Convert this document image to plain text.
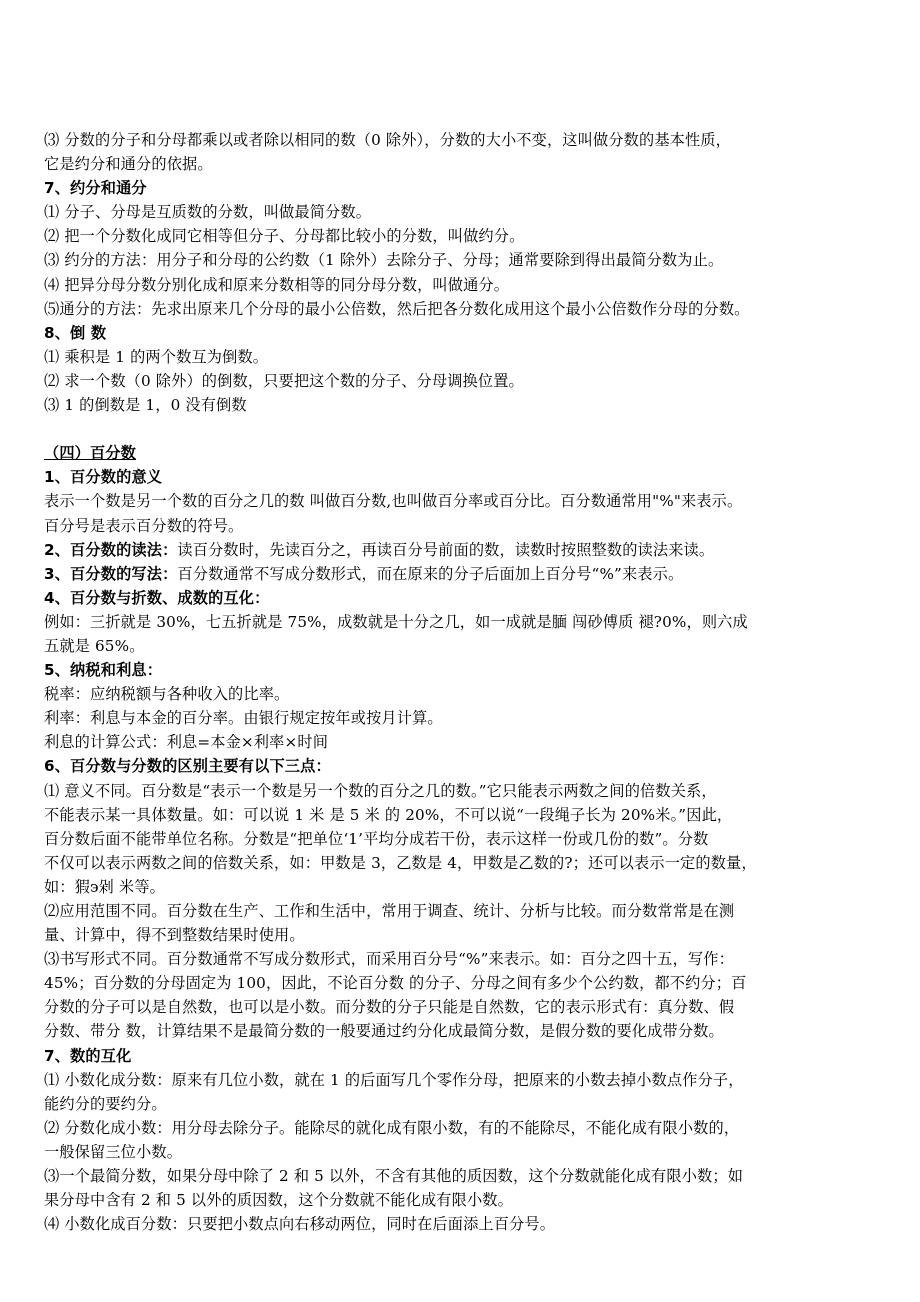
⑶ 分数的分子和分母都乘以或者除以相同的数（0 除外），分数的大小不变，这叫做分数的基本性质，
它是约分和通分的依据。
7、约分和通分
⑴ 分子、分母是互质数的分数，叫做最简分数。
⑵ 把一个分数化成同它相等但分子、分母都比较小的分数，叫做约分。
⑶ 约分的方法：用分子和分母的公约数（1 除外）去除分子、分母；通常要除到得出最简分数为止。
⑷ 把异分母分数分别化成和原来分数相等的同分母分数，叫做通分。
⑸通分的方法：先求出原来几个分母的最小公倍数，然后把各分数化成用这个最小公倍数作分母的分数。
8、倒 数
⑴ 乘积是 1 的两个数互为倒数。
⑵ 求一个数（0 除外）的倒数，只要把这个数的分子、分母调换位置。
⑶ 1 的倒数是 1，0 没有倒数
（四）百分数
1、百分数的意义
表示一个数是另一个数的百分之几的数 叫做百分数,也叫做百分率或百分比。百分数通常用"%"来表示。
百分号是表示百分数的符号。
2、百分数的读法：读百分数时，先读百分之，再读百分号前面的数，读数时按照整数的读法来读。
3、百分数的写法：百分数通常不写成分数形式，而在原来的分子后面加上百分号“%”来表示。
4、百分数与折数、成数的互化：
例如：三折就是 30%，七五折就是 75%，成数就是十分之几，如一成就是腼 闯砂傅质 褪?0%，则六成
五就是 65%。
5、纳税和利息：
税率：应纳税额与各种收入的比率。
利率：利息与本金的百分率。由银行规定按年或按月计算。
利息的计算公式：利息=本金×利率×时间
6、百分数与分数的区别主要有以下三点：
⑴ 意义不同。百分数是“表示一个数是另一个数的百分之几的数。”它只能表示两数之间的倍数关系，
不能表示某一具体数量。如：可以说 1 米 是 5 米 的 20%，不可以说“一段绳子长为 20%米。”因此，
百分数后面不能带单位名称。分数是“把单位‘1’平均分成若干份，表示这样一份或几份的数”。分数
不仅可以表示两数之间的倍数关系，如：甲数是 3，乙数是 4，甲数是乙数的?；还可以表示一定的数量，
如：猳϶剁 米等。
⑵应用范围不同。百分数在生产、工作和生活中，常用于调查、统计、分析与比较。而分数常常是在测
量、计算中，得不到整数结果时使用。
⑶书写形式不同。百分数通常不写成分数形式，而采用百分号“%”来表示。如：百分之四十五，写作：
45%；百分数的分母固定为 100，因此，不论百分数 的分子、分母之间有多少个公约数，都不约分；百
分数的分子可以是自然数，也可以是小数。而分数的分子只能是自然数，它的表示形式有：真分数、假
分数、带分 数，计算结果不是最简分数的一般要通过约分化成最简分数，是假分数的要化成带分数。
7、数的互化
⑴ 小数化成分数：原来有几位小数，就在 1 的后面写几个零作分母，把原来的小数去掉小数点作分子，
能约分的要约分。
⑵ 分数化成小数：用分母去除分子。能除尽的就化成有限小数，有的不能除尽，不能化成有限小数的，
一般保留三位小数。
⑶一个最简分数，如果分母中除了 2 和 5 以外，不含有其他的质因数，这个分数就能化成有限小数；如
果分母中含有 2 和 5 以外的质因数，这个分数就不能化成有限小数。
⑷ 小数化成百分数：只要把小数点向右移动两位，同时在后面添上百分号。
